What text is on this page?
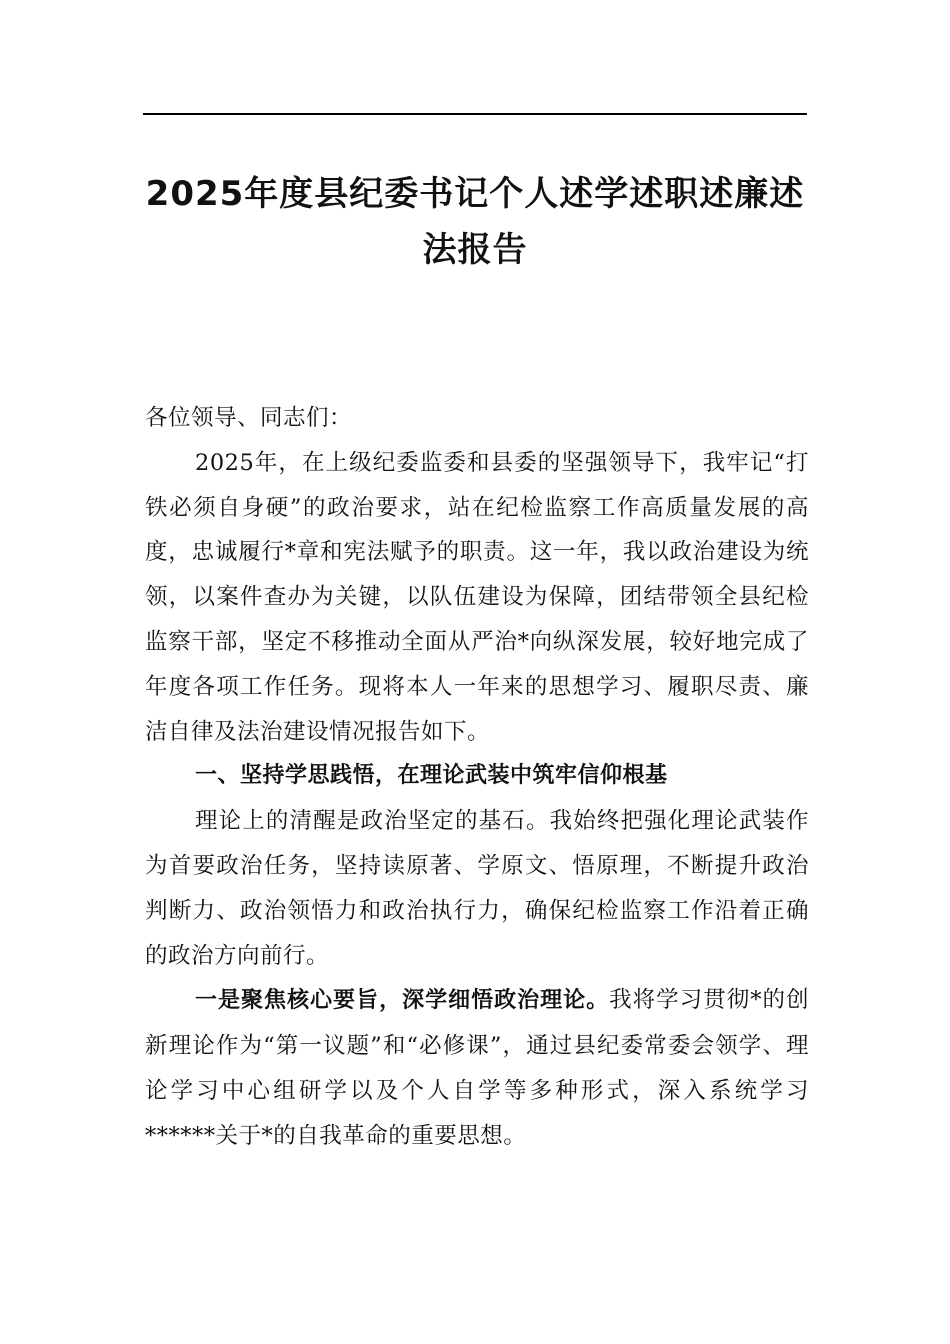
2025年度县纪委书记个人述学述职述廉述
法报告

各位领导、同志们：

2025年，在上级纪委监委和县委的坚强领导下，我牢记“打铁必须自身硬”的政治要求，站在纪检监察工作高质量发展的高度，忠诚履行*章和宪法赋予的职责。这一年，我以政治建设为统领，以案件查办为关键，以队伍建设为保障，团结带领全县纪检监察干部，坚定不移推动全面从严治*向纵深发展，较好地完成了年度各项工作任务。现将本人一年来的思想学习、履职尽责、廉洁自律及法治建设情况报告如下。

一、坚持学思践悟，在理论武装中筑牢信仰根基

理论上的清醒是政治坚定的基石。我始终把强化理论武装作为首要政治任务，坚持读原著、学原文、悟原理，不断提升政治判断力、政治领悟力和政治执行力，确保纪检监察工作沿着正确的政治方向前行。

一是聚焦核心要旨，深学细悟政治理论。我将学习贯彻*的创新理论作为“第一议题”和“必修课”，通过县纪委常委会领学、理论学习中心组研学以及个人自学等多种形式，深入系统学习******关于*的自我革命的重要思想。
